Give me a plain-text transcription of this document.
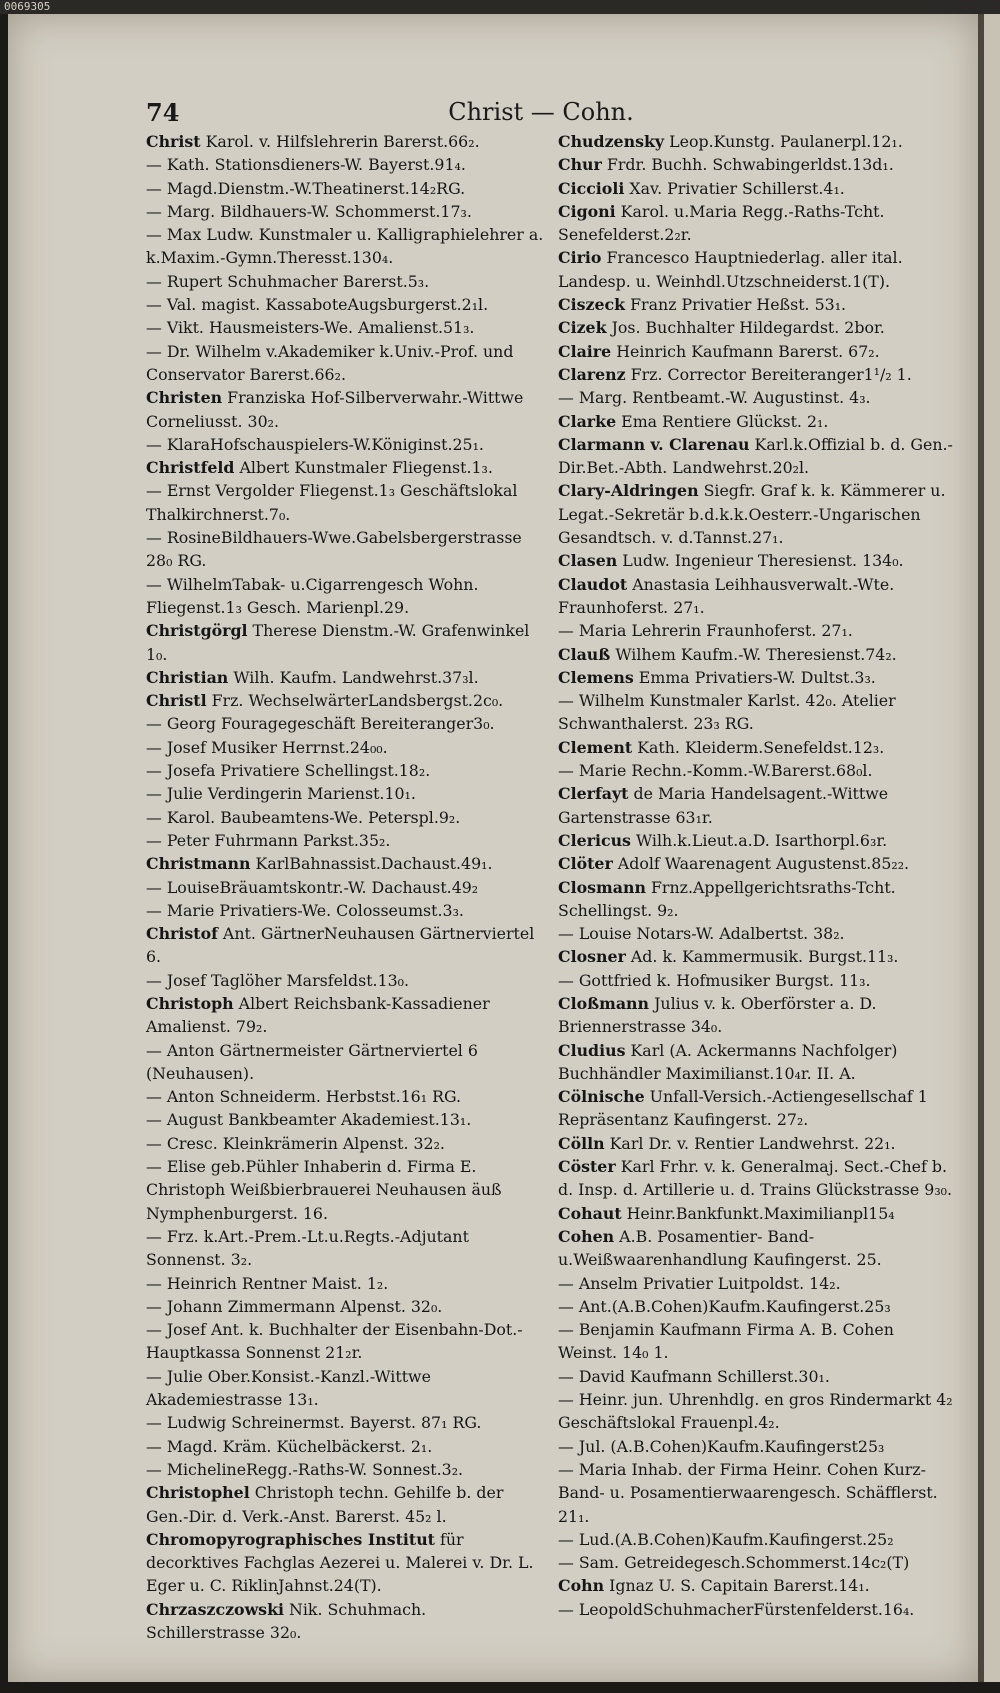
0069305
74	Christ — Cohn.
Christ Karol. v. Hilfslehrerin Barerst.66₂.
— Kath. Stationsdieners-W. Bayerst.91₄.
— Magd.Dienstm.-W.Theatinerst.14₂RG.
— Marg. Bildhauers-W. Schommerst.17₃.
— Max Ludw. Kunstmaler u. Kalligraphielehrer a. k.Maxim.-Gymn.Theresst.130₄.
— Rupert Schuhmacher Barerst.5₃.
— Val. magist. KassaboteAugsburgerst.2₁l.
— Vikt. Hausmeisters-We. Amalienst.51₃.
— Dr. Wilhelm v.Akademiker k.Univ.-Prof. und Conservator Barerst.66₂.
Christen Franziska Hof-Silberverwahr.-Wittwe Corneliusst. 30₂.
— KlaraHofschauspielers-W.Königinst.25₁.
Christfeld Albert Kunstmaler Fliegenst.1₃.
— Ernst Vergolder Fliegenst.1₃ Geschäftslokal Thalkirchnerst.7₀.
— RosineBildhauers-Wwe.Gabelsbergerstrasse 28₀ RG.
— WilhelmTabak- u.Cigarrengesch Wohn. Fliegenst.1₃ Gesch. Marienpl.29.
Christgörgl Therese Dienstm.-W. Grafenwinkel 1₀.
Christian Wilh. Kaufm. Landwehrst.37₃l.
Christl Frz. WechselwärterLandsbergst.2c₀.
— Georg Fouragegeschäft Bereiteranger3₀.
— Josef Musiker Herrnst.24₀₀.
— Josefa Privatiere Schellingst.18₂.
— Julie Verdingerin Marienst.10₁.
— Karol. Baubeamtens-We. Peterspl.9₂.
— Peter Fuhrmann Parkst.35₂.
Christmann KarlBahnassist.Dachaust.49₁.
— LouiseBräuamtskontr.-W. Dachaust.49₂
— Marie Privatiers-We. Colosseumst.3₃.
Christof Ant. GärtnerNeuhausen Gärtnerviertel 6.
— Josef Taglöher Marsfeldst.13₀.
Christoph Albert Reichsbank-Kassadiener Amalienst. 79₂.
— Anton Gärtnermeister Gärtnerviertel 6 (Neuhausen).
— Anton Schneiderm. Herbstst.16₁ RG.
— August Bankbeamter Akademiest.13₁.
— Cresc. Kleinkrämerin Alpenst. 32₂.
— Elise geb.Pühler Inhaberin d. Firma E. Christoph Weißbierbrauerei Neuhausen äuß Nymphenburgerst. 16.
— Frz. k.Art.-Prem.-Lt.u.Regts.-Adjutant Sonnenst. 3₂.
— Heinrich Rentner Maist. 1₂.
— Johann Zimmermann Alpenst. 32₀.
— Josef Ant. k. Buchhalter der Eisenbahn-Dot.-Hauptkassa Sonnenst 21₂r.
— Julie Ober.Konsist.-Kanzl.-Wittwe Akademiestrasse 13₁.
— Ludwig Schreinermst. Bayerst. 87₁ RG.
— Magd. Kräm. Küchelbäckerst. 2₁.
— MichelineRegg.-Raths-W. Sonnest.3₂.
Christophel Christoph techn. Gehilfe b. der Gen.-Dir. d. Verk.-Anst. Barerst. 45₂ l.
Chromopyrographisches Institut für decorktives Fachglas Aezerei u. Malerei v. Dr. L. Eger u. C. RiklinJahnst.24(T).
Chrzaszczowski Nik. Schuhmach. Schillerstrasse 32₀.
Chudzensky Leop.Kunstg. Paulanerpl.12₁.
Chur Frdr. Buchh. Schwabingerldst.13d₁.
Ciccioli Xav. Privatier Schillerst.4₁.
Cigoni Karol. u.Maria Regg.-Raths-Tcht. Senefelderst.2₂r.
Cirio Francesco Hauptniederlag. aller ital. Landesp. u. Weinhdl.Utzschneiderst.1(T).
Ciszeck Franz Privatier Heßst. 53₁.
Cizek Jos. Buchhalter Hildegardst. 2bor.
Claire Heinrich Kaufmann Barerst. 67₂.
Clarenz Frz. Corrector Bereiteranger1¹/₂ 1.
— Marg. Rentbeamt.-W. Augustinst. 4₃.
Clarke Ema Rentiere Glückst. 2₁.
Clarmann v. Clarenau Karl.k.Offizial b. d. Gen.-Dir.Bet.-Abth. Landwehrst.20₂l.
Clary-Aldringen Siegfr. Graf k. k. Kämmerer u. Legat.-Sekretär b.d.k.k.Oesterr.-Ungarischen Gesandtsch. v. d.Tannst.27₁.
Clasen Ludw. Ingenieur Theresienst. 134₀.
Claudot Anastasia Leihhausverwalt.-Wte. Fraunhoferst. 27₁.
— Maria Lehrerin Fraunhoferst. 27₁.
Clauß Wilhem Kaufm.-W. Theresienst.74₂.
Clemens Emma Privatiers-W. Dultst.3₃.
— Wilhelm Kunstmaler Karlst. 42₀. Atelier Schwanthalerst. 23₃ RG.
Clement Kath. Kleiderm.Senefeldst.12₃.
— Marie Rechn.-Komm.-W.Barerst.68₀l.
Clerfayt de Maria Handelsagent.-Wittwe Gartenstrasse 63₁r.
Clericus Wilh.k.Lieut.a.D. Isarthorpl.6₃r.
Clöter Adolf Waarenagent Augustenst.85₂₂.
Closmann Frnz.Appellgerichtsraths-Tcht. Schellingst. 9₂.
— Louise Notars-W. Adalbertst. 38₂.
Closner Ad. k. Kammermusik. Burgst.11₃.
— Gottfried k. Hofmusiker Burgst. 11₃.
Cloßmann Julius v. k. Oberförster a. D. Briennerstrasse 34₀.
Cludius Karl (A. Ackermanns Nachfolger) Buchhändler Maximilianst.10₄r. II. A.
Cölnische Unfall-Versich.-Actiengesellschaf 1 Repräsentanz Kaufingerst. 27₂.
Cölln Karl Dr. v. Rentier Landwehrst. 22₁.
Cöster Karl Frhr. v. k. Generalmaj. Sect.-Chef b. d. Insp. d. Artillerie u. d. Trains Glückstrasse 9₃₀.
Cohaut Heinr.Bankfunkt.Maximilianpl15₄
Cohen A.B. Posamentier- Band- u.Weißwaarenhandlung Kaufingerst. 25.
— Anselm Privatier Luitpoldst. 14₂.
— Ant.(A.B.Cohen)Kaufm.Kaufingerst.25₃
— Benjamin Kaufmann Firma A. B. Cohen Weinst. 14₀ 1.
— David Kaufmann Schillerst.30₁.
— Heinr. jun. Uhrenhdlg. en gros Rindermarkt 4₂ Geschäftslokal Frauenpl.4₂.
— Jul. (A.B.Cohen)Kaufm.Kaufingerst25₃
— Maria Inhab. der Firma Heinr. Cohen Kurz-Band- u. Posamentierwaarengesch. Schäfflerst. 21₁.
— Lud.(A.B.Cohen)Kaufm.Kaufingerst.25₂
— Sam. Getreidegesch.Schommerst.14c₂(T)
Cohn Ignaz U. S. Capitain Barerst.14₁.
— LeopoldSchuhmacherFürstenfelderst.16₄.
